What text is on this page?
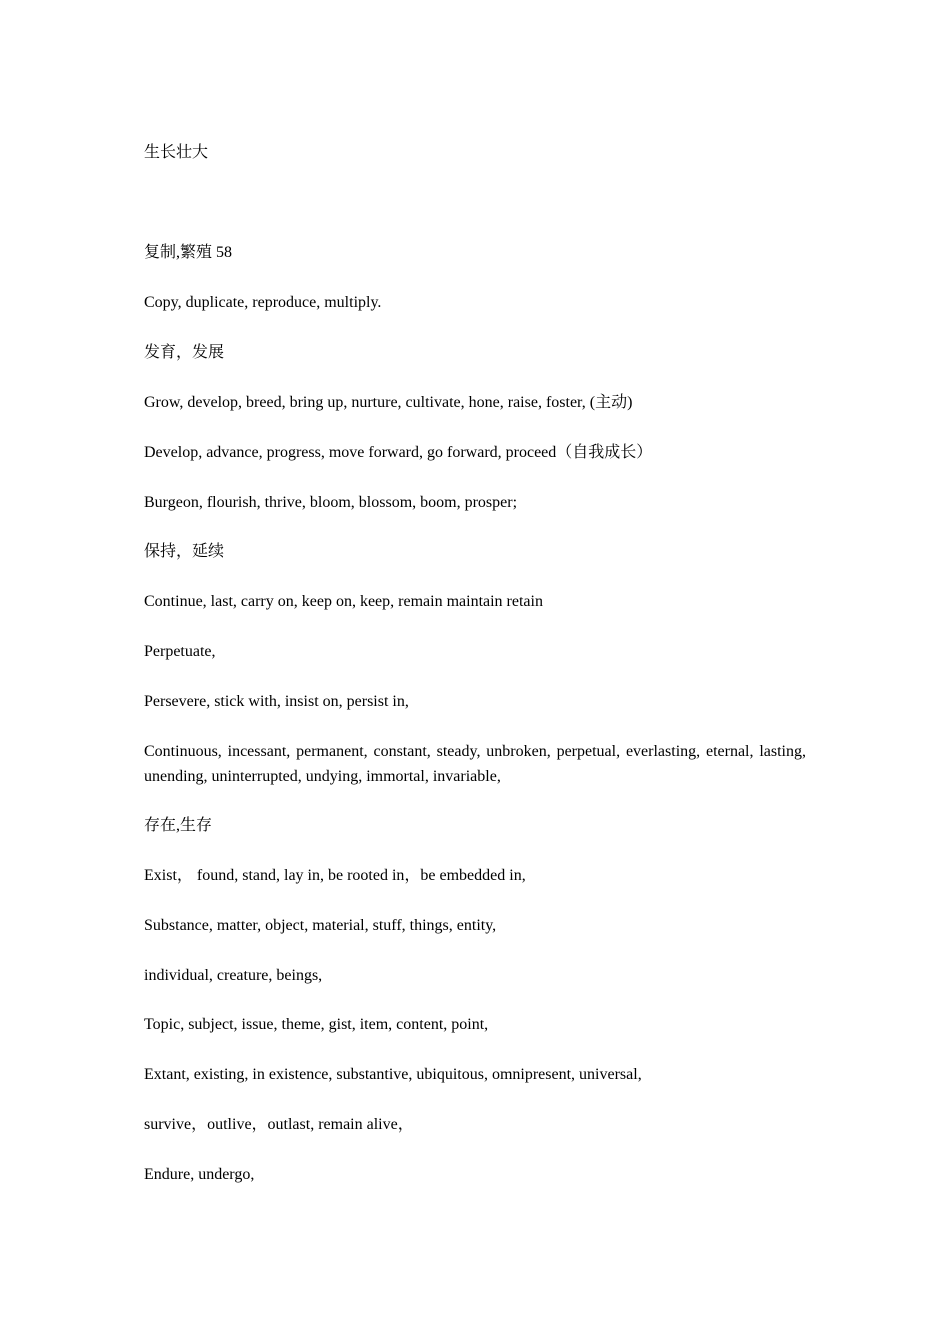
生长壮大
复制,繁殖 58
Copy, duplicate, reproduce, multiply.
发育，发展
Grow, develop, breed, bring up, nurture, cultivate, hone, raise, foster, (主动)
Develop, advance, progress, move forward, go forward, proceed（自我成长）
Burgeon, flourish, thrive, bloom, blossom, boom, prosper;
保持，延续
Continue, last, carry on, keep on, keep, remain maintain retain
Perpetuate,
Persevere, stick with, insist on, persist in,
Continuous, incessant, permanent, constant, steady, unbroken, perpetual, everlasting, eternal, lasting, unending, uninterrupted, undying, immortal, invariable,
存在,生存
Exist， found, stand, lay in, be rooted in，be embedded in,
Substance, matter, object, material, stuff, things, entity,
individual, creature, beings,
Topic, subject, issue, theme, gist, item, content, point,
Extant, existing, in existence, substantive, ubiquitous, omnipresent, universal,
survive，outlive，outlast, remain alive，
Endure, undergo,
